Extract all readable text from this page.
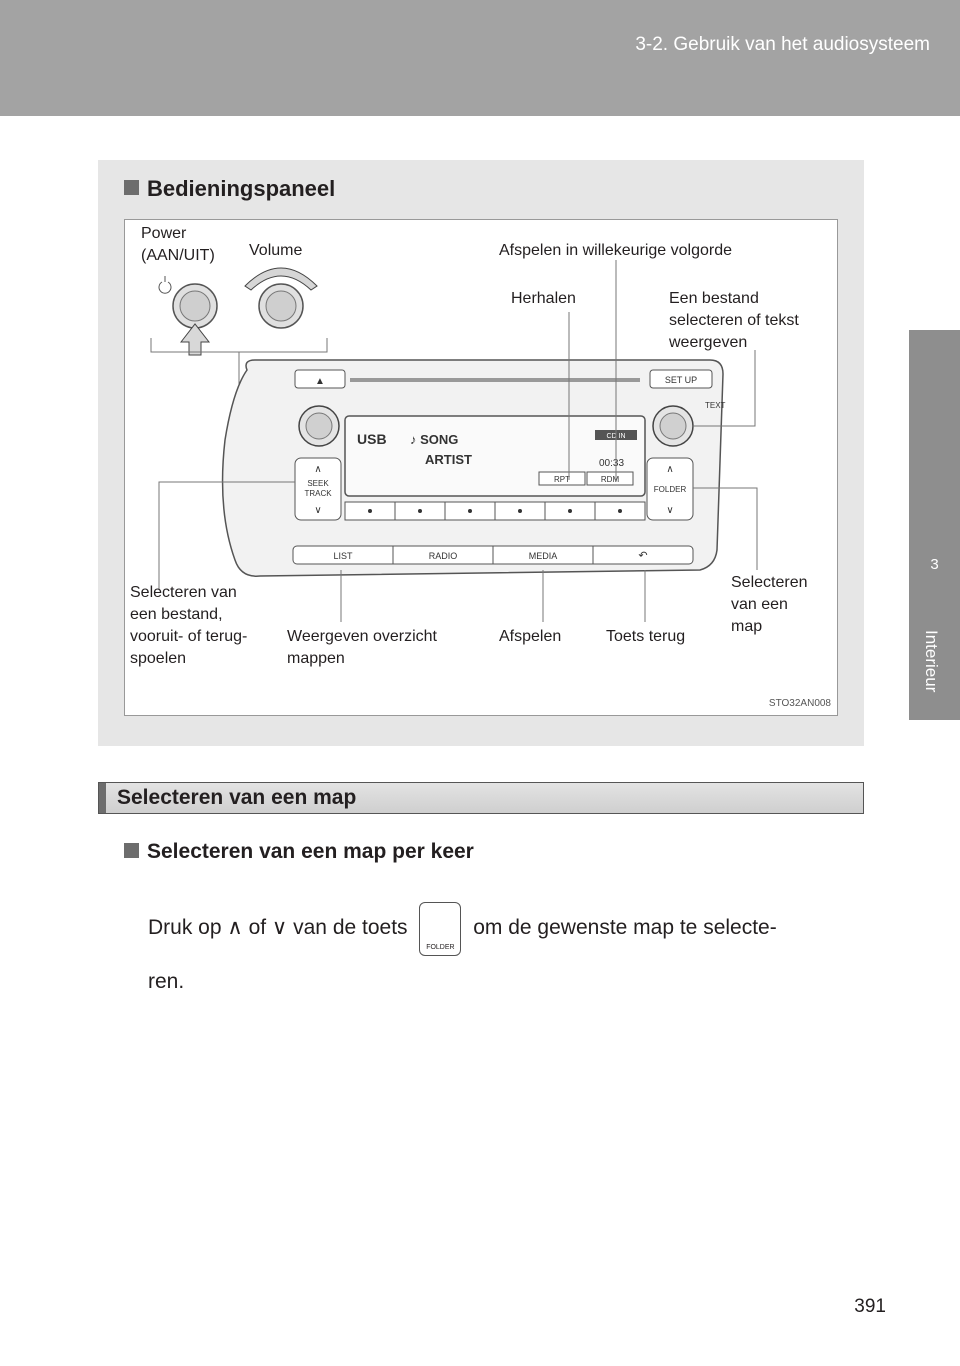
3-2. Gebruik van het audiosysteem
3
Interieur
Bedieningspaneel
▲	SET UP
TEXT
USB ♪ SONG
ARTIST
CD IN
00:33
RPT	RDM
∧
SEEK
TRACK
∨
∧
FOLDER
∨
LIST	RADIO	MEDIA	↶
Power
(AAN/UIT) Volume	Afspelen in willekeurige volgorde
Herhalen	Een bestand
selecteren of tekst
weergeven
Selecteren van
een bestand,
vooruit- of terug-
spoelen
Weergeven overzicht
mappen
Afspelen	Toets terug
Selecteren
van een
map
STO32AN008
Selecteren van een map
Selecteren van een map per keer
Druk op ∧ of ∨ van de toets
FOLDER
om de gewenste map te selecte-
ren.
391
